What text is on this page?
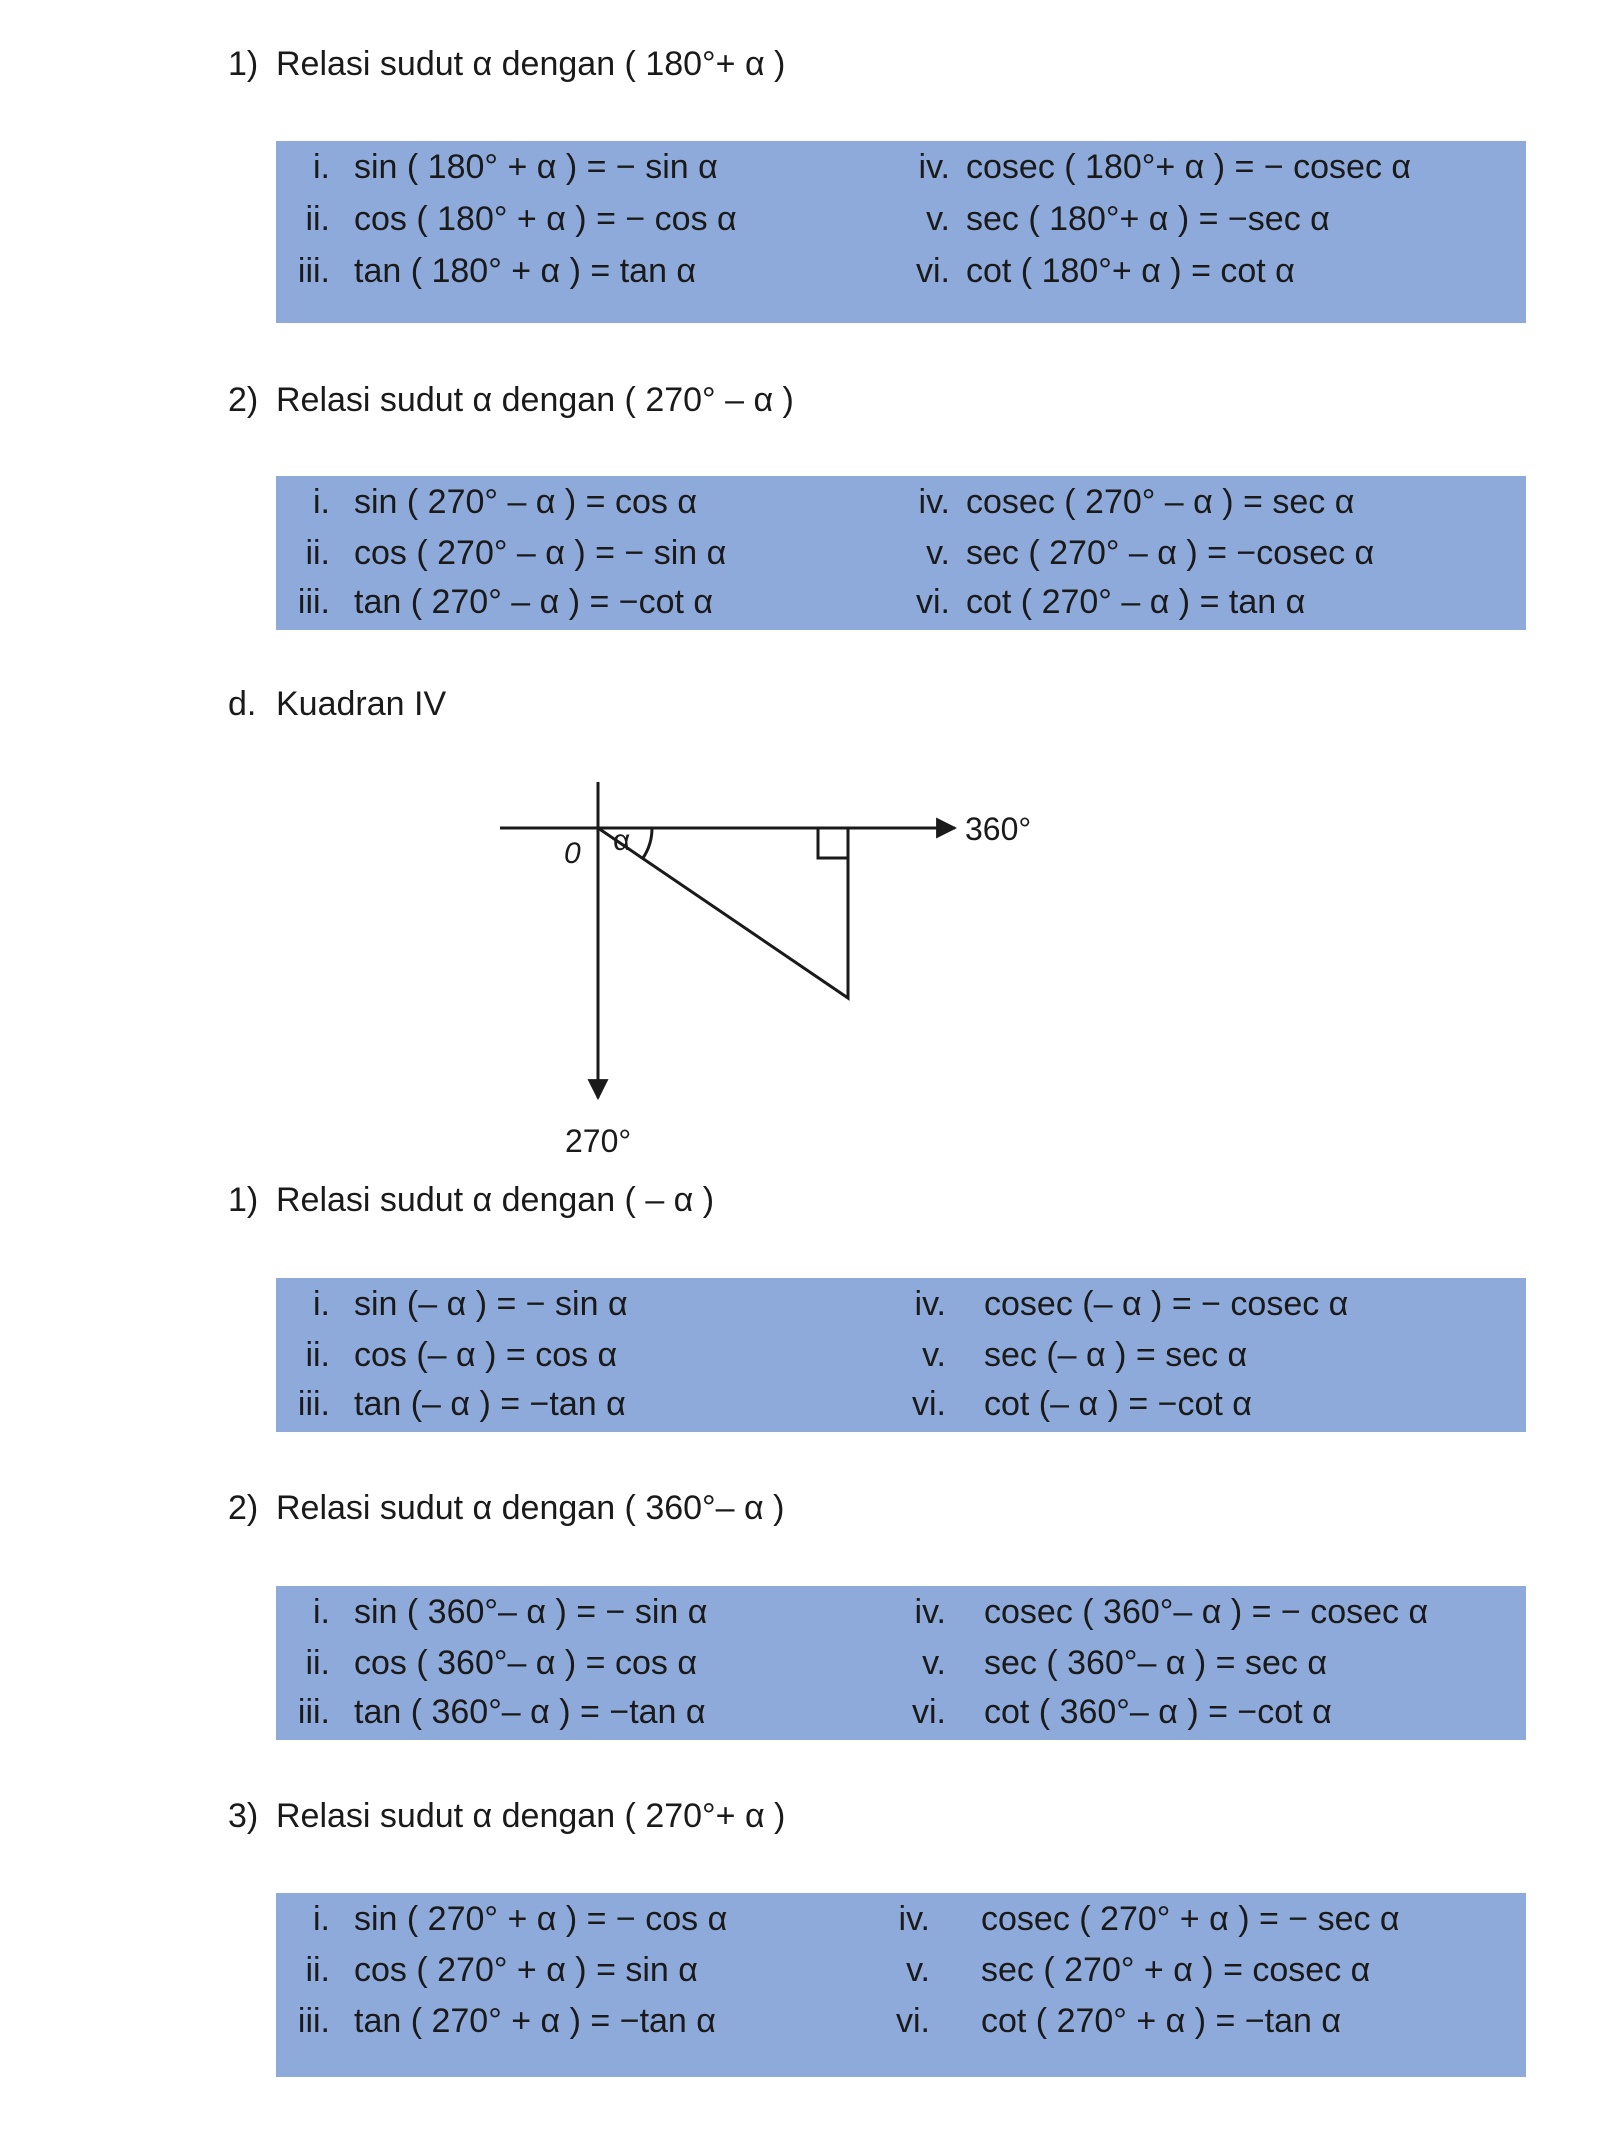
1) Relasi sudut α dengan ( 180°+ α )
i. sin ( 180° + α ) = − sin α	iv. cosec ( 180°+ α ) = − cosec α
ii. cos ( 180° + α ) = − cos α	v. sec ( 180°+ α ) = −sec α
iii. tan ( 180° + α ) = tan α	vi. cot ( 180°+ α ) = cot α
2) Relasi sudut α dengan ( 270° – α )
i. sin ( 270° – α ) = cos α	iv. cosec ( 270° – α ) = sec α
ii. cos ( 270° – α ) = − sin α	v. sec ( 270° – α ) = −cosec α
iii. tan ( 270° – α ) = −cot α	vi. cot ( 270° – α ) = tan α
d. Kuadran IV
0 α	360°
270°
1) Relasi sudut α dengan ( – α )
i. sin (– α ) = − sin α	iv. cosec (– α ) = − cosec α
ii. cos (– α ) = cos α	v. sec (– α ) = sec α
iii. tan (– α ) = −tan α	vi. cot (– α ) = −cot α
2) Relasi sudut α dengan ( 360°– α )
i. sin ( 360°– α ) = − sin α	iv. cosec ( 360°– α ) = − cosec α
ii. cos ( 360°– α ) = cos α	v. sec ( 360°– α ) = sec α
iii. tan ( 360°– α ) = −tan α	vi. cot ( 360°– α ) = −cot α
3) Relasi sudut α dengan ( 270°+ α )
i. sin ( 270° + α ) = − cos α	iv. cosec ( 270° + α ) = − sec α
ii. cos ( 270° + α ) = sin α	v. sec ( 270° + α ) = cosec α
iii. tan ( 270° + α ) = −tan α	vi. cot ( 270° + α ) = −tan α
